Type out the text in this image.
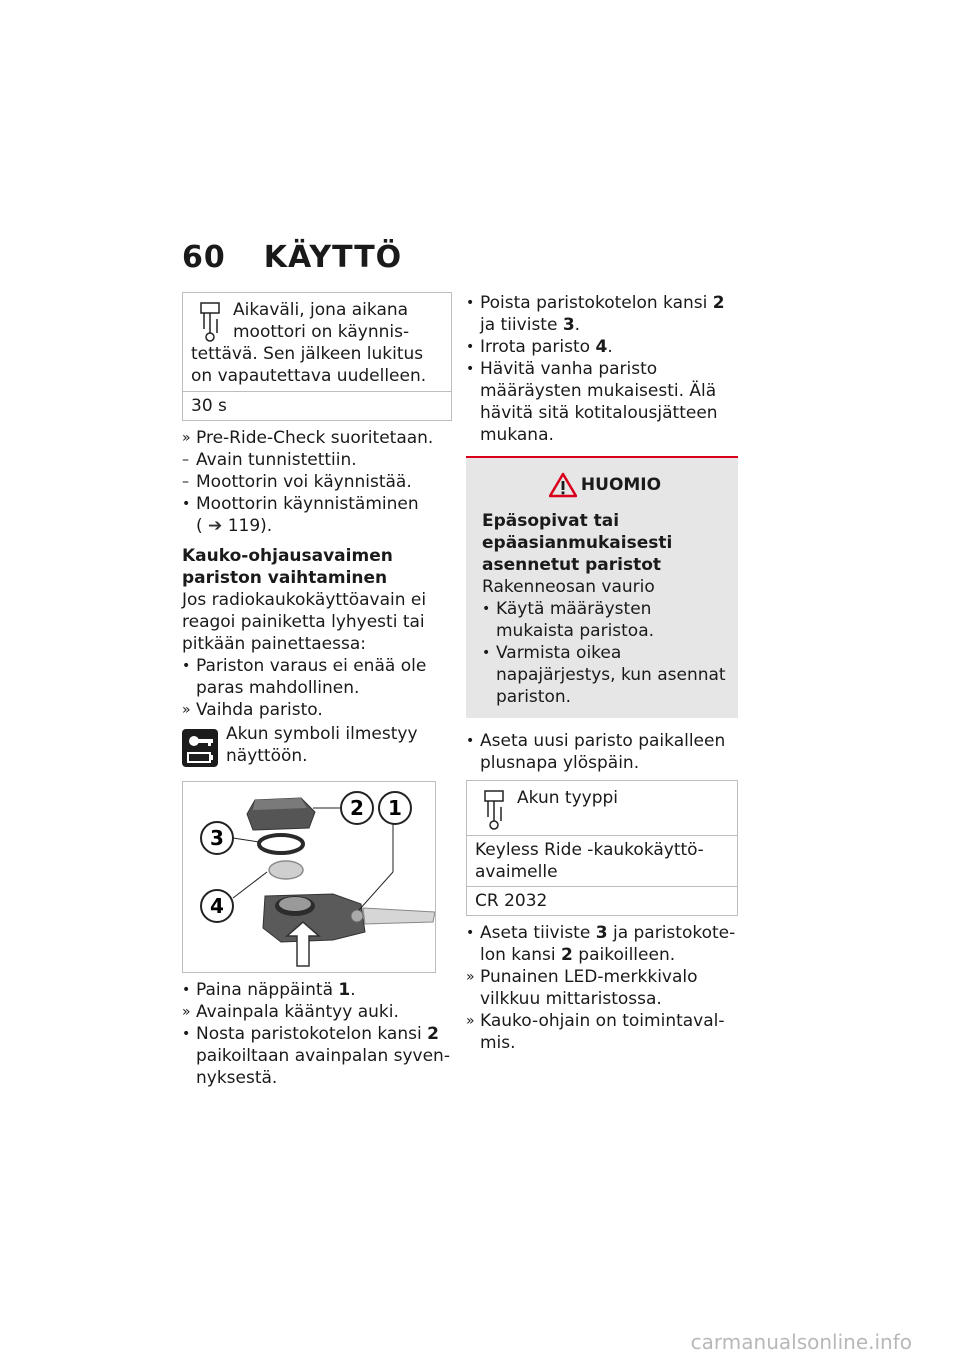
60 KÄYTTÖ
Aikaväli, jona aikana moottori on käynnistettävä. Sen jälkeen lukitus on vapautettava uudelleen.
30 s
» Pre-Ride-Check suoritetaan.
– Avain tunnistettiin.
– Moottorin voi käynnistää.
• Moottorin käynnistäminen
( ➔ 119).
Kauko-ohjausavaimen pariston vaihtaminen

Jos radiokaukokäyttöavain ei reagoi painiketta lyhyesti tai pitkään painettaessa:

• Pariston varaus ei enää ole paras mahdollinen.
» Vaihda paristo.
Akun symboli ilmestyy näyttöön.
2 1
3
4
• Paina näppäintä 1.
» Avainpala kääntyy auki.
• Nosta paristokotelon kansi 2 paikoiltaan avainpalan syvennyksestä.
• Poista paristokotelon kansi 2 ja tiiviste 3.
• Irrota paristo 4.
• Hävitä vanha paristo määräysten mukaisesti. Älä hävitä sitä kotitalousjätteen mukana.
HUOMIO
Epäsopivat tai epäasianmukaisesti asennetut paristot
Rakenneosan vaurio
• Käytä määräysten mukaista paristoa.
• Varmista oikea napajärjestys, kun asennat pariston.
• Aseta uusi paristo paikalleen plusnapa ylöspäin.
Akun tyyppi
Keyless Ride -kaukokäyttöavaimelle
CR 2032
• Aseta tiiviste 3 ja paristokotelon kansi 2 paikoilleen.
» Punainen LED-merkkivalo vilkkuu mittaristossa.
» Kauko-ohjain on toimintavalmis.
carmanualsonline.info
